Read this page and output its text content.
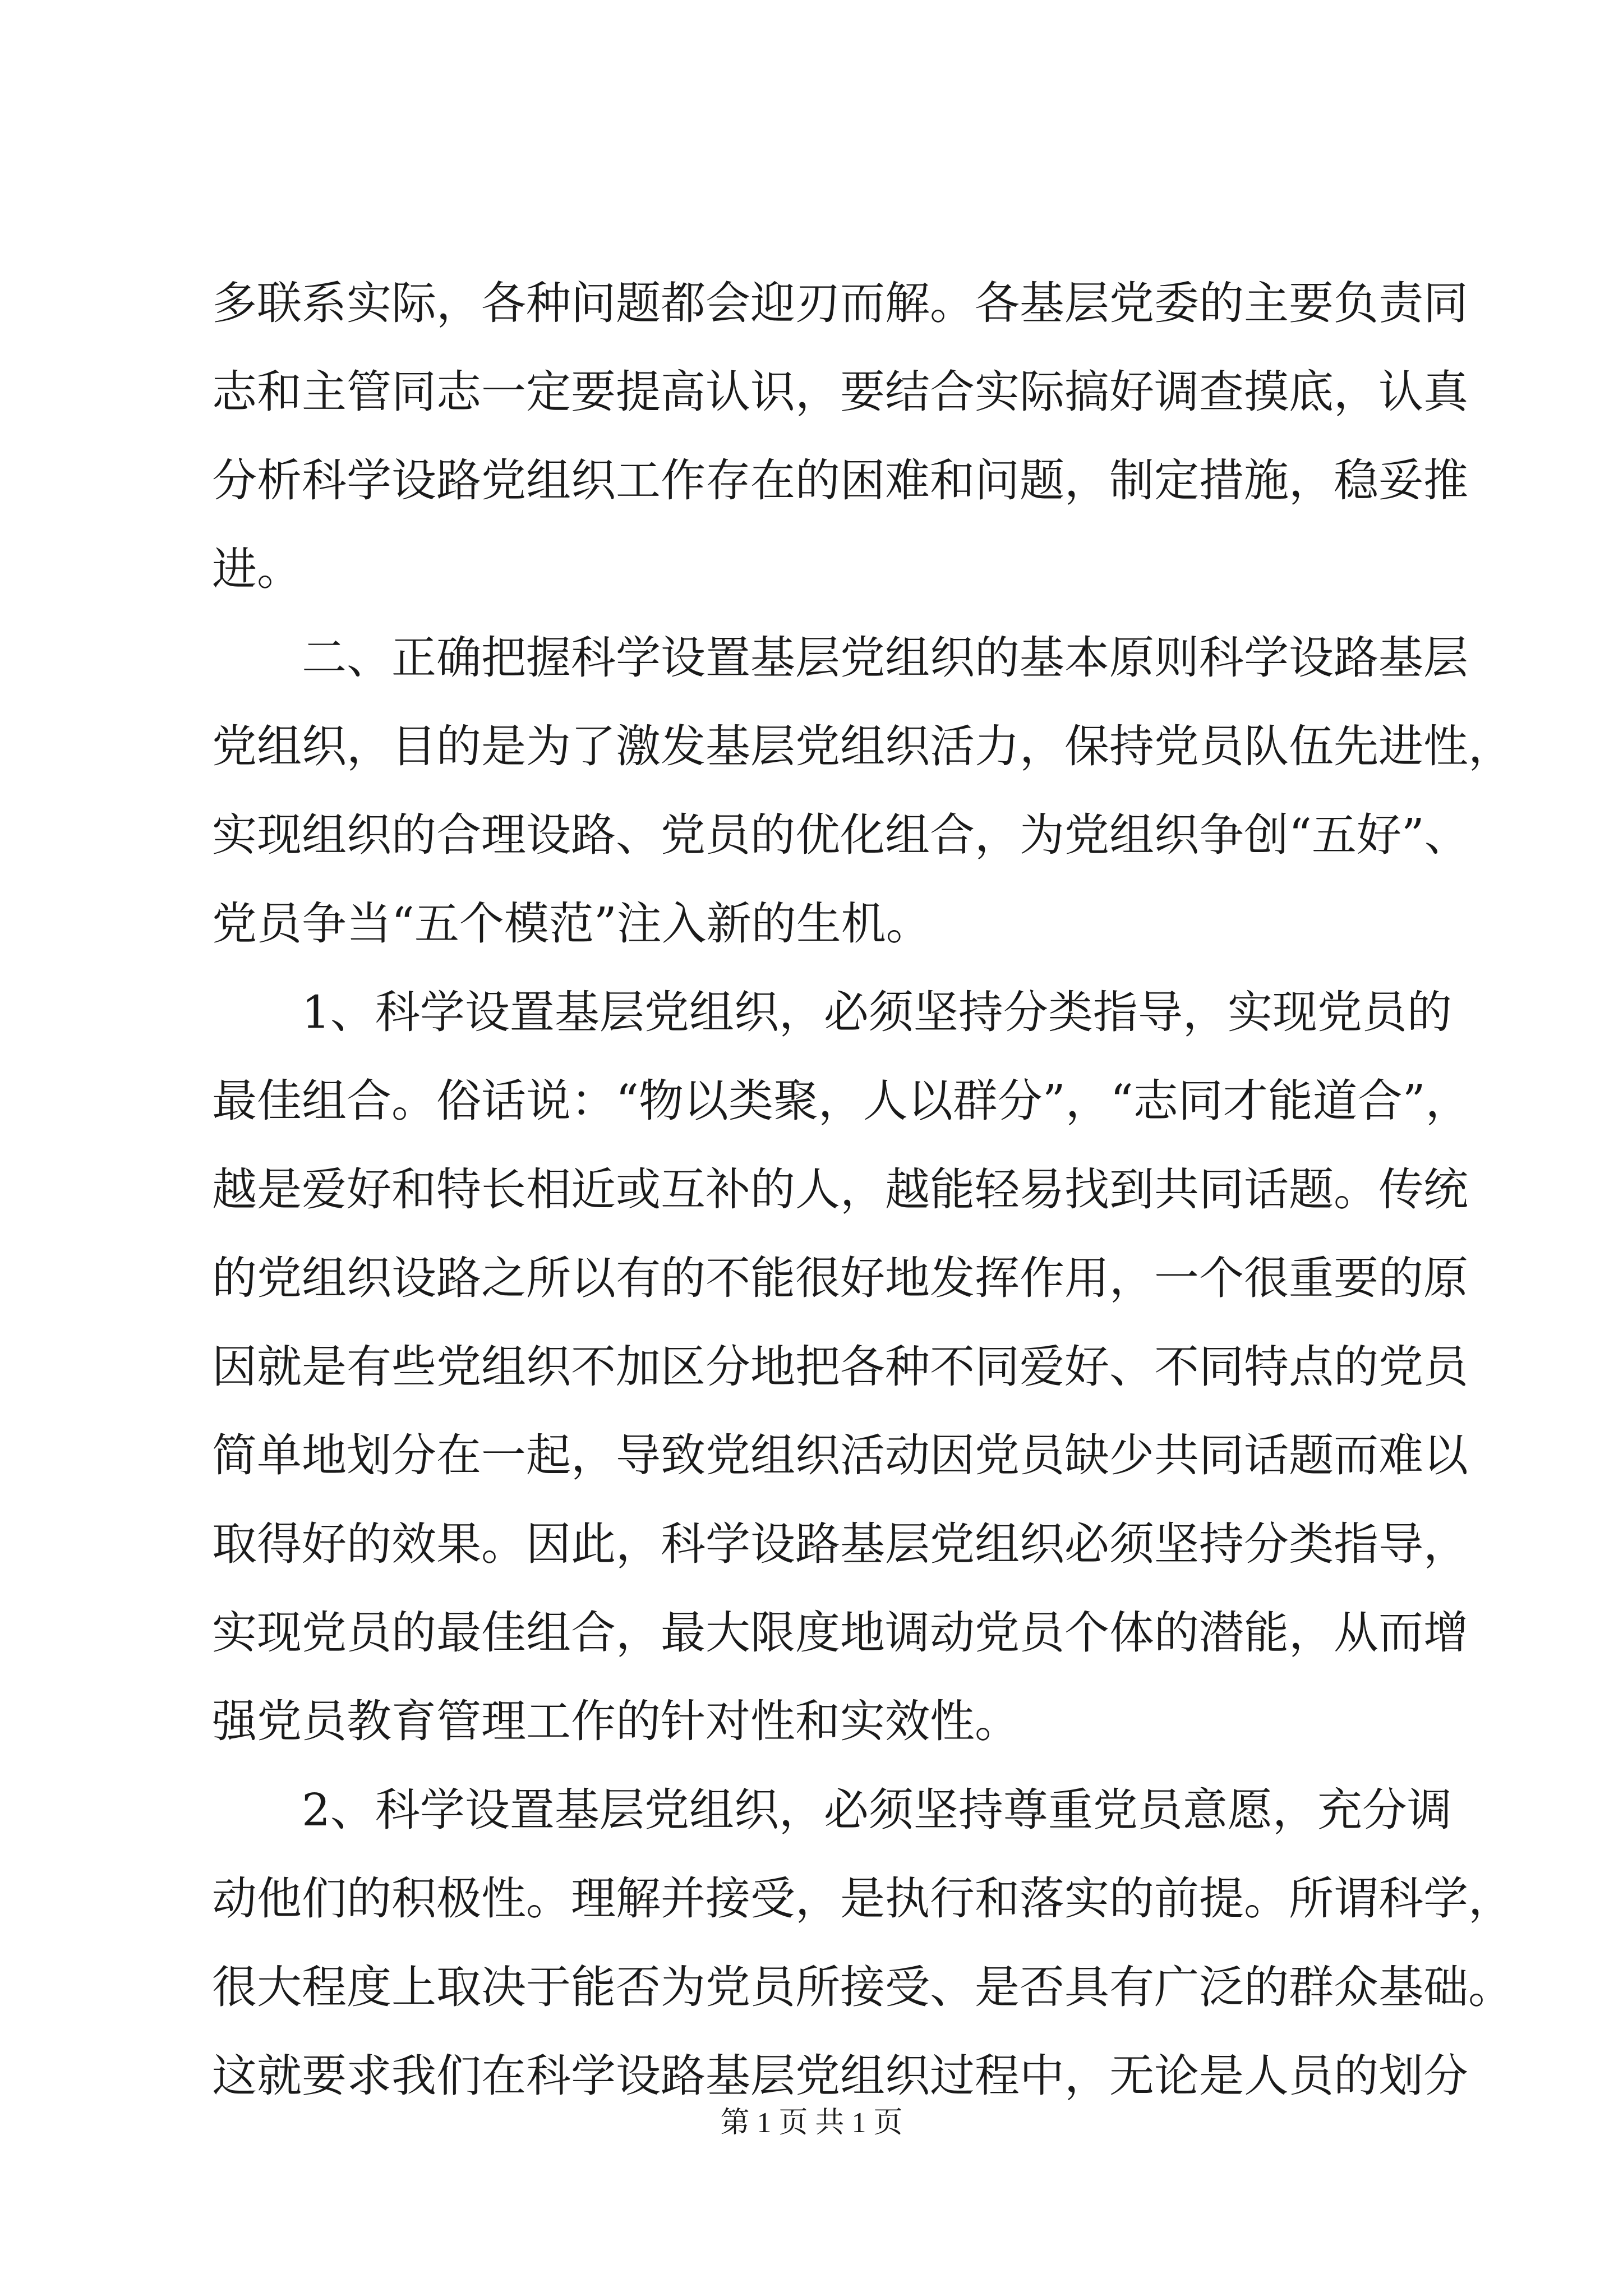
多联系实际，各种问题都会迎刃而解。各基层党委的主要负责同
志和主管同志一定要提高认识，要结合实际搞好调查摸底，认真
分析科学设路党组织工作存在的困难和问题，制定措施，稳妥推
进。
　　二、正确把握科学设置基层党组织的基本原则科学设路基层
党组织，目的是为了激发基层党组织活力，保持党员队伍先进性，
实现组织的合理设路、党员的优化组合，为党组织争创“五好”、
党员争当“五个模范”注入新的生机。
　　1、科学设置基层党组织，必须坚持分类指导，实现党员的
最佳组合。俗话说：“物以类聚，人以群分”，“志同才能道合”，
越是爱好和特长相近或互补的人，越能轻易找到共同话题。传统
的党组织设路之所以有的不能很好地发挥作用，一个很重要的原
因就是有些党组织不加区分地把各种不同爱好、不同特点的党员
简单地划分在一起，导致党组织活动因党员缺少共同话题而难以
取得好的效果。因此，科学设路基层党组织必须坚持分类指导，
实现党员的最佳组合，最大限度地调动党员个体的潜能，从而增
强党员教育管理工作的针对性和实效性。
　　2、科学设置基层党组织，必须坚持尊重党员意愿，充分调
动他们的积极性。理解并接受，是执行和落实的前提。所谓科学，
很大程度上取决于能否为党员所接受、是否具有广泛的群众基础。
这就要求我们在科学设路基层党组织过程中，无论是人员的划分
第 1 页 共 1 页
